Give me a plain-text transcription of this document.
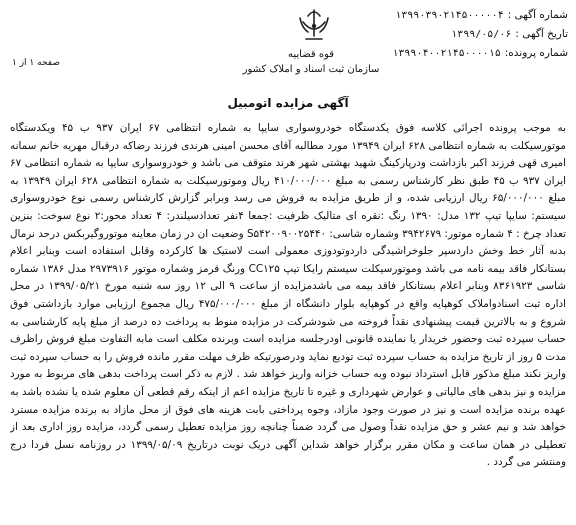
شماره آگهی :۱۳۹۹۰۳۹۰۲۱۴۵۰۰۰۰۰۴
تاریخ آگهی :۱۳۹۹/۰۵/۰۶
شماره پرونده:۱۳۹۹۰۴۰۰۲۱۴۵۰۰۰۰۱۵
صفحه ۱ از ۱
قوه قضاییه
سازمان ثبت اسناد و املاک کشور
آگهی مزایده اتومبیل

به موجب پرونده اجرائی کلاسه فوق یکدستگاه خودروسواری سایپا به شماره انتظامی ۶۷ ایران ۹۳۷ ب ۴۵ ویکدستگاه موتورسیکلت به شماره انتظامی ۶۲۸ ایران ۱۳۹۴۹ مورد مطالبه آقای محسن امینی هرندی فرزند رضاکه درقبال مهریه خانم سمانه امیری قهی فرزند اکبر بازداشت ودرپارکینگ شهید بهشتی شهر هرند متوقف می باشد و خودروسواری سایپا به شماره انتظامی ۶۷ ایران ۹۳۷ ب ۴۵ طبق نظر کارشناس رسمی به مبلغ ۴۱۰/۰۰۰/۰۰۰ ریال وموتورسیکلت به شماره انتظامی ۶۲۸ ایران ۱۳۹۴۹ به مبلغ ۶۵/۰۰۰/۰۰۰ ریال ارزیابی شده، و از طریق مزایده به فروش می رسد وبرابر گزارش کارشناس رسمی نوع خودروسواری سیستم: سایپا تیپ ۱۳۲ مدل: ۱۳۹۰ رنگ :نقره ای متالیک ظرفیت :جمعا ۴نفر تعدادسیلندر: ۴ تعداد محور:۲ نوع سوخت: بنزین تعداد چرخ : ۴ شماره موتور: ۳۹۴۲۶۷۹ وشماره شاسی: S۵۴۲۰۰۹۰۰۲۵۴۴۰ وضعیت ان در زمان معاینه موتوروگیربکس درحد نرمال بدنه آثار خط وخش داردسپر جلوخراشیدگی داردوتودوزی معمولی است لاستیک ها کارکرده وقابل استفاده است وبنابر اعلام بستانکار فاقد بیمه نامه می باشد وموتورسیکلت سیستم رایکا تیپ CC۱۲۵ ورنگ قرمز وشماره موتور ۲۹۷۳۹۱۶ مدل ۱۳۸۶ شماره شاسی ۸۳۶۱۹۲۳ وبنابر اعلام بستانکار فاقد بیمه می باشدمزایده از ساعت ۹ الی ۱۲ روز سه شنبه مورخ ۱۳۹۹/۰۵/۲۱ در محل اداره ثبت اسنادواملاک کوهپایه واقع در کوهپایه بلوار دانشگاه از مبلغ ۴۷۵/۰۰۰/۰۰۰ ریال مجموع ارزیابی موارد بازداشتی فوق شروع و به بالاترین قیمت پیشنهادی نقداً فروخته می شودشرکت در مزایده منوط به پرداخت ده درصد از مبلغ پایه کارشناسی به حساب سپرده ثبت وحضور خریدار یا نماینده قانونی اودرجلسه مزایده است وبرنده مکلف است مابه التفاوت مبلغ فروش راظرف مدت ۵ روز از تاریخ مزایده به حساب سپرده ثبت توديع نماید ودرصورتیکه ظرف مهلت مقرر مانده فروش را به حساب سپرده ثبت واریز نکند مبلغ مذکور قابل استرداد نبوده وبه حساب خزانه واریز خواهد شد . لازم به ذکر است پرداخت بدهی های مربوط به مورد مزایده و نیز بدهی های مالیاتی و عوارض شهرداری و غیره تا تاریخ مزایده اعم از اینکه رقم قطعی آن معلوم شده یا نشده باشد به عهده برنده مزایده است و نیز در صورت وجود مازاد، وجوه پرداختی بابت هزینه های فوق از محل مازاد به برنده مزایده مسترد خواهد شد و نیم عشر و حق مزایده نقداً وصول می گردد ضمناً چنانچه روز مزایده تعطیل رسمی گردد، مزایده روز اداری بعد از تعطیلی در همان ساعت و مکان مقرر برگزار خواهد شداین آگهی دریک نوبت درتاریخ ۱۳۹۹/۰۵/۰۹ در روزنامه نسل فردا درج ومنتشر می گردد .
